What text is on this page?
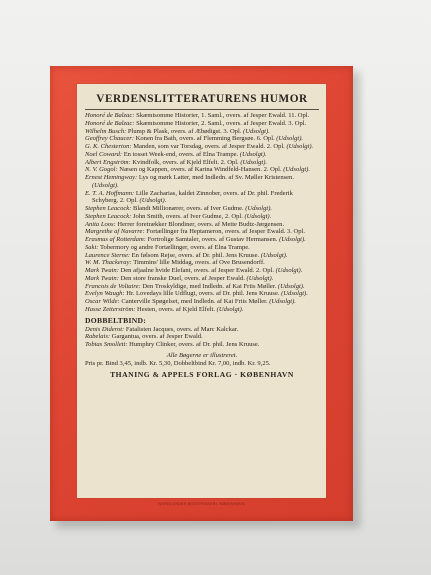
VERDENSLITTERATURENS HUMOR

Honoré de Balzac: Skæmtsomme Historier, 1. Saml., overs. af Jesper Ewald. 11. Opl.

Honoré de Balzac: Skæmtsomme Historier, 2. Saml., overs. af Jesper Ewald. 3. Opl.

Wilhelm Busch: Plump & Plask, overs. af Æbødigst. 3. Opl. (Udsolgt).

Geoffrey Chaucer: Konen fra Bath, overs. af Flemming Bergsøe. 6. Opl. (Udsolgt).

G. K. Chesterton: Manden, som var Torsdag, overs. af Jesper Ewald. 2. Opl. (Udsolgt).

Noel Coward: En tosset Week-end, overs. af Elna Trampe. (Udsolgt).

Albert Engström: Kvindfolk, overs. af Kjeld Elfelt. 2. Opl. (Udsolgt).

N. V. Gogol: Næsen og Kappen, overs. af Karina Windfeld-Hansen. 2. Opl. (Udsolgt).

Ernest Hemingway: Lys og mørk Latter, med Indledn. af Sv. Møller Kristensen. (Udsolgt).

E. T. A. Hoffmann: Lille Zacharias, kaldet Zinnober, overs. af Dr. phil. Frederik Schyberg. 2. Opl. (Udsolgt).

Stephen Leacock: Blandt Millionærer, overs. af Iver Gudme. (Udsolgt).

Stephen Leacock: John Smith, overs. af Iver Gudme, 2. Opl. (Udsolgt).

Anita Loos: Herrer foretrækker Blondiner, overs. af Mette Budtz-Jørgensen.

Margrethe af Navarre: Fortællinger fra Heptameron, overs. af Jesper Ewald. 3. Opl.

Erasmus af Rotterdam: Fortrolige Samtaler, overs. af Gustav Hermansen. (Udsolgt).

Saki: Tobermory og andre Fortællinger, overs. af Elna Trampe.

Laurence Sterne: En følsom Rejse, overs. af Dr. phil. Jens Kruuse. (Udsolgt).

W. M. Thackeray: Timmins' lille Middag, overs. af Ove Brusendorff.

Mark Twain: Den afjaalne hvide Elefant, overs. af Jesper Ewald. 2. Opl. (Udsolgt).

Mark Twain: Den store franske Duel, overs. af Jesper Ewald. (Udsolgt).

Francois de Voltaire: Den Troskyldige, med Indledn. af Kai Friis Møller. (Udsolgt).

Evelyn Waugh: Hr. Lovedays lille Udflugt, overs. af Dr. phil. Jens Kruuse. (Udsolgt).

Oscar Wilde: Canterville Spøgelset, med Indledn. af Kai Friis Møller. (Udsolgt).

Hasse Zetterström: Hesten, overs. af Kjeld Elfelt. (Udsolgt).

DOBBELTBIND:

Denis Diderot: Fatalisten Jacques, overs. af Marc Kalckar.

Rabelais: Gargantua, overs. af Jesper Ewald.

Tobias Smollett: Humphry Clinker, overs. af Dr. phil. Jens Kruuse.

Alle Bøgerne er illustreret.
Pris pr. Bind 3,45, indb. Kr. 5,30, Dobbeltbind Kr. 7,00, indb. Kr. 9,25.
THANING & APPELS FORLAG · KØBENHAVN
NORDLUNDES BOGTRYKKERI, KØBENHAVN
